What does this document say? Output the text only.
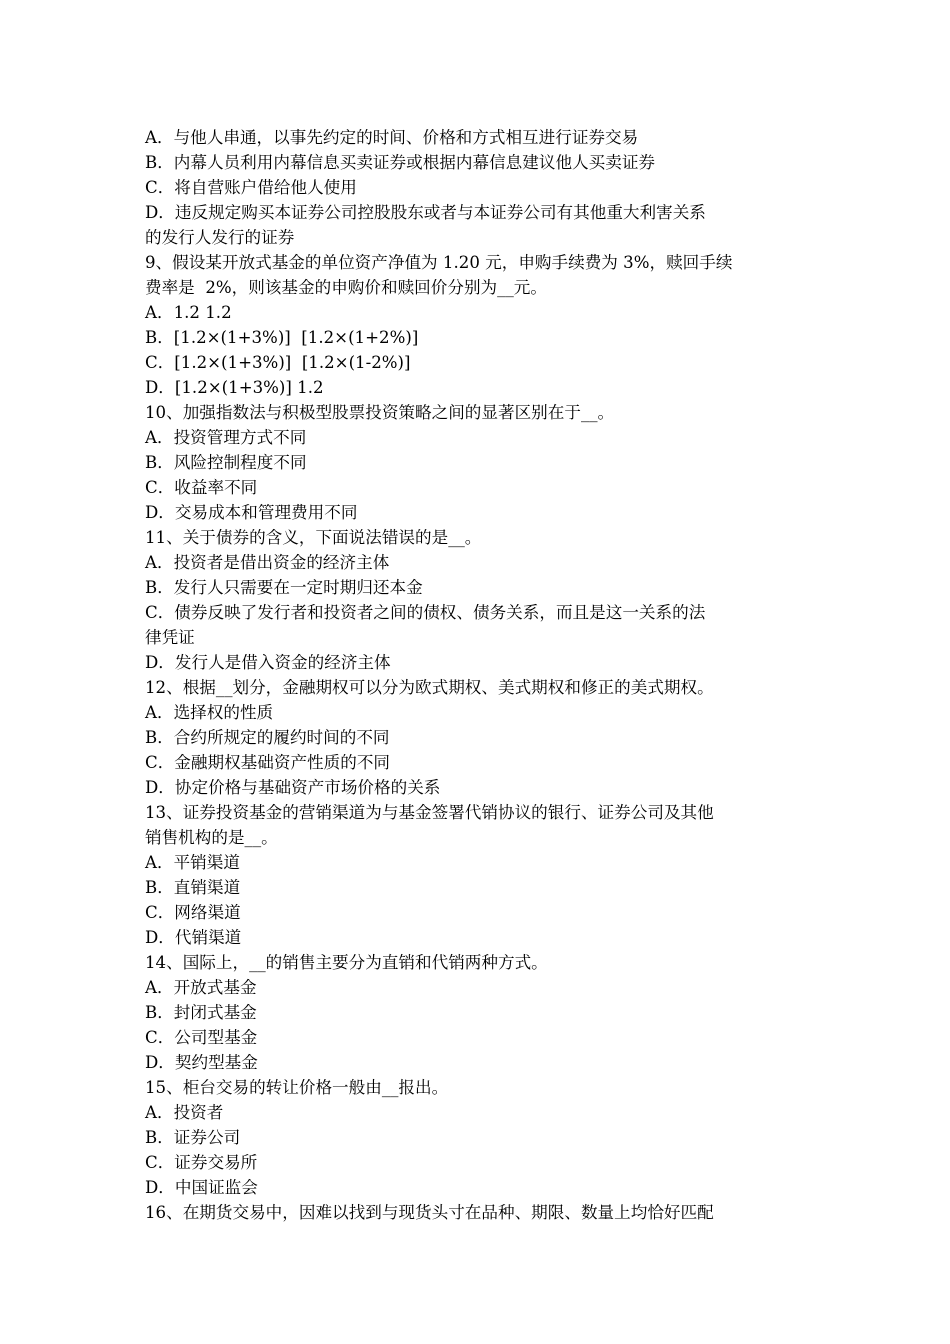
A．与他人串通，以事先约定的时间、价格和方式相互进行证券交易
B．内幕人员利用内幕信息买卖证券或根据内幕信息建议他人买卖证券
C．将自营账户借给他人使用
D．违反规定购买本证券公司控股股东或者与本证券公司有其他重大利害关系
的发行人发行的证券
9、假设某开放式基金的单位资产净值为 1.20 元，申购手续费为 3%，赎回手续
费率是  2%，则该基金的申购价和赎回价分别为__元。
A．1.2 1.2
B．[1.2×(1+3%)]  [1.2×(1+2%)]
C．[1.2×(1+3%)]  [1.2×(1-2%)]
D．[1.2×(1+3%)] 1.2
10、加强指数法与积极型股票投资策略之间的显著区别在于__。
A．投资管理方式不同
B．风险控制程度不同
C．收益率不同
D．交易成本和管理费用不同
11、关于债券的含义，下面说法错误的是__。
A．投资者是借出资金的经济主体
B．发行人只需要在一定时期归还本金
C．债券反映了发行者和投资者之间的债权、债务关系，而且是这一关系的法
律凭证
D．发行人是借入资金的经济主体
12、根据__划分，金融期权可以分为欧式期权、美式期权和修正的美式期权。
A．选择权的性质
B．合约所规定的履约时间的不同
C．金融期权基础资产性质的不同
D．协定价格与基础资产市场价格的关系
13、证券投资基金的营销渠道为与基金签署代销协议的银行、证券公司及其他
销售机构的是__。
A．平销渠道
B．直销渠道
C．网络渠道
D．代销渠道
14、国际上，__的销售主要分为直销和代销两种方式。
A．开放式基金
B．封闭式基金
C．公司型基金
D．契约型基金
15、柜台交易的转让价格一般由__报出。
A．投资者
B．证券公司
C．证券交易所
D．中国证监会
16、在期货交易中，因难以找到与现货头寸在品种、期限、数量上均恰好匹配
